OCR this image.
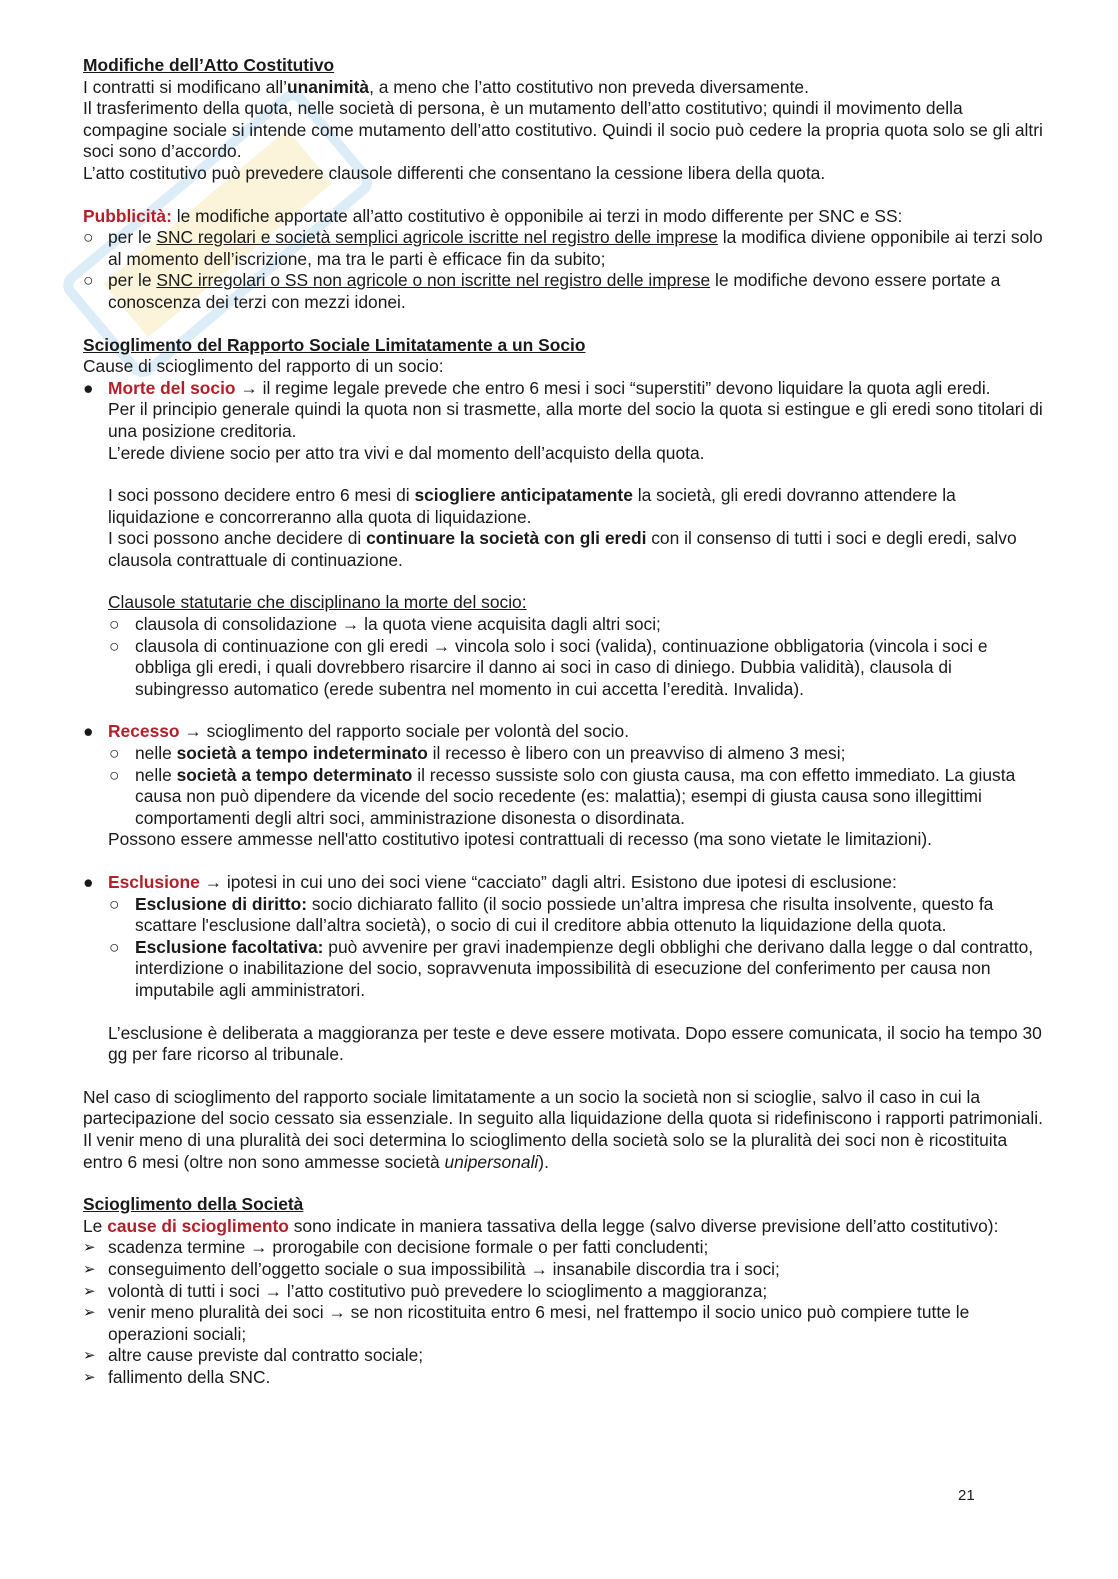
Modifiche dell’Atto Costitutivo

I contratti si modificano all’unanimità, a meno che l’atto costitutivo non preveda diversamente.

Il trasferimento della quota, nelle società di persona, è un mutamento dell’atto costitutivo; quindi il movimento della compagine sociale si intende come mutamento dell’atto costitutivo. Quindi il socio può cedere la propria quota solo se gli altri soci sono d’accordo.

L’atto costitutivo può prevedere clausole differenti che consentano la cessione libera della quota.

Pubblicità: le modifiche apportate all’atto costitutivo è opponibile ai terzi in modo differente per SNC e SS:

○ per le SNC regolari e società semplici agricole iscritte nel registro delle imprese la modifica diviene opponibile ai terzi solo al momento dell’iscrizione, ma tra le parti è efficace fin da subito;
○ per le SNC irregolari o SS non agricole o non iscritte nel registro delle imprese le modifiche devono essere portate a conoscenza dei terzi con mezzi idonei.

Scioglimento del Rapporto Sociale Limitatamente a un Socio

Cause di scioglimento del rapporto di un socio:

● Morte del socio → il regime legale prevede che entro 6 mesi i soci “superstiti” devono liquidare la quota agli eredi.

Per il principio generale quindi la quota non si trasmette, alla morte del socio la quota si estingue e gli eredi sono titolari di una posizione creditoria.

L’erede diviene socio per atto tra vivi e dal momento dell’acquisto della quota.

I soci possono decidere entro 6 mesi di sciogliere anticipatamente la società, gli eredi dovranno attendere la liquidazione e concorreranno alla quota di liquidazione.

I soci possono anche decidere di continuare la società con gli eredi con il consenso di tutti i soci e degli eredi, salvo clausola contrattuale di continuazione.

Clausole statutarie che disciplinano la morte del socio:

○ clausola di consolidazione → la quota viene acquisita dagli altri soci;
○ clausola di continuazione con gli eredi → vincola solo i soci (valida), continuazione obbligatoria (vincola i soci e obbliga gli eredi, i quali dovrebbero risarcire il danno ai soci in caso di diniego. Dubbia validità), clausola di subingresso automatico (erede subentra nel momento in cui accetta l’eredità. Invalida).
● Recesso → scioglimento del rapporto sociale per volontà del socio.
○ nelle società a tempo indeterminato il recesso è libero con un preavviso di almeno 3 mesi;
○ nelle società a tempo determinato il recesso sussiste solo con giusta causa, ma con effetto immediato. La giusta causa non può dipendere da vicende del socio recedente (es: malattia); esempi di giusta causa sono illegittimi comportamenti degli altri soci, amministrazione disonesta o disordinata.

Possono essere ammesse nell'atto costitutivo ipotesi contrattuali di recesso (ma sono vietate le limitazioni).

● Esclusione → ipotesi in cui uno dei soci viene “cacciato” dagli altri. Esistono due ipotesi di esclusione:
○ Esclusione di diritto: socio dichiarato fallito (il socio possiede un’altra impresa che risulta insolvente, questo fa scattare l'esclusione dall’altra società), o socio di cui il creditore abbia ottenuto la liquidazione della quota.
○ Esclusione facoltativa: può avvenire per gravi inadempienze degli obblighi che derivano dalla legge o dal contratto, interdizione o inabilitazione del socio, sopravvenuta impossibilità di esecuzione del conferimento per causa non imputabile agli amministratori.

L’esclusione è deliberata a maggioranza per teste e deve essere motivata. Dopo essere comunicata, il socio ha tempo 30 gg per fare ricorso al tribunale.

Nel caso di scioglimento del rapporto sociale limitatamente a un socio la società non si scioglie, salvo il caso in cui la partecipazione del socio cessato sia essenziale. In seguito alla liquidazione della quota si ridefiniscono i rapporti patrimoniali.

Il venir meno di una pluralità dei soci determina lo scioglimento della società solo se la pluralità dei soci non è ricostituita entro 6 mesi (oltre non sono ammesse società unipersonali).

Scioglimento della Società

Le cause di scioglimento sono indicate in maniera tassativa della legge (salvo diverse previsione dell’atto costitutivo):

➢ scadenza termine → prorogabile con decisione formale o per fatti concludenti;
➢ conseguimento dell’oggetto sociale o sua impossibilità → insanabile discordia tra i soci;
➢ volontà di tutti i soci → l’atto costitutivo può prevedere lo scioglimento a maggioranza;
➢ venir meno pluralità dei soci → se non ricostituita entro 6 mesi, nel frattempo il socio unico può compiere tutte le operazioni sociali;
➢ altre cause previste dal contratto sociale;
➢ fallimento della SNC.
21
